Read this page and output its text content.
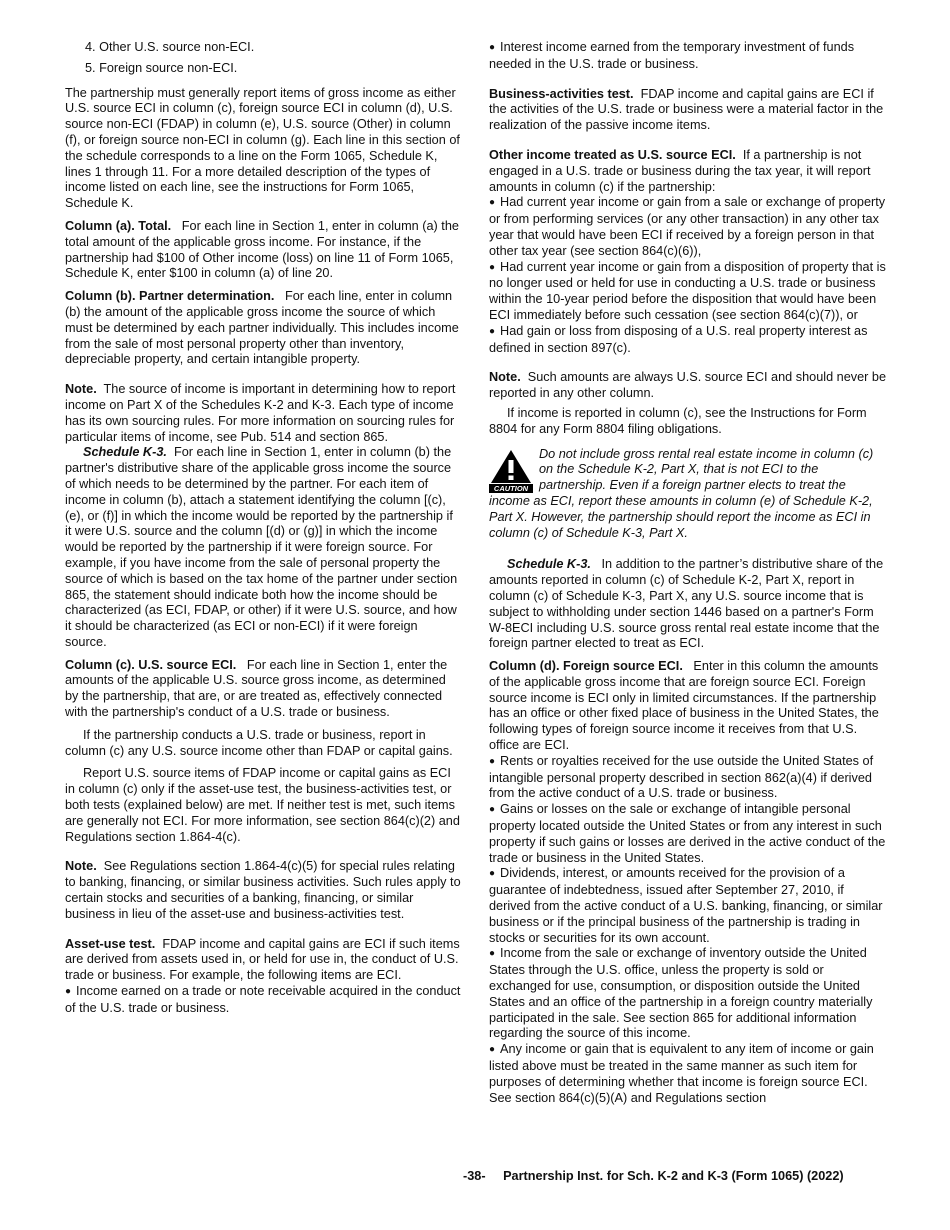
4. Other U.S. source non-ECI.

5. Foreign source non-ECI.

The partnership must generally report items of gross income as either U.S. source ECI in column (c), foreign source ECI in column (d), U.S. source non-ECI (FDAP) in column (e), U.S. source (Other) in column (f), or foreign source non-ECI in column (g). Each line in this section of the schedule corresponds to a line on the Form 1065, Schedule K, lines 1 through 11. For a more detailed description of the types of income listed on each line, see the instructions for Form 1065, Schedule K.

Column (a). Total. For each line in Section 1, enter in column (a) the total amount of the applicable gross income. For instance, if the partnership had $100 of Other income (loss) on line 11 of Form 1065, Schedule K, enter $100 in column (a) of line 20.

Column (b). Partner determination. For each line, enter in column (b) the amount of the applicable gross income the source of which must be determined by each partner individually. This includes income from the sale of most personal property other than inventory, depreciable property, and certain intangible property.

Note. The source of income is important in determining how to report income on Part X of the Schedules K-2 and K-3. Each type of income has its own sourcing rules. For more information on sourcing rules for particular items of income, see Pub. 514 and section 865.

Schedule K-3. For each line in Section 1, enter in column (b) the partner's distributive share of the applicable gross income the source of which needs to be determined by the partner. For each item of income in column (b), attach a statement identifying the column [(c), (e), or (f)] in which the income would be reported by the partnership if it were U.S. source and the column [(d) or (g)] in which the income would be reported by the partnership if it were foreign source. For example, if you have income from the sale of personal property the source of which is based on the tax home of the partner under section 865, the statement should indicate both how the income should be characterized (as ECI, FDAP, or other) if it were U.S. source, and how it should be characterized (as ECI or non-ECI) if it were foreign source.

Column (c). U.S. source ECI. For each line in Section 1, enter the amounts of the applicable U.S. source gross income, as determined by the partnership, that are, or are treated as, effectively connected with the partnership's conduct of a U.S. trade or business.

If the partnership conducts a U.S. trade or business, report in column (c) any U.S. source income other than FDAP or capital gains.

Report U.S. source items of FDAP income or capital gains as ECI in column (c) only if the asset-use test, the business-activities test, or both tests (explained below) are met. If neither test is met, such items are generally not ECI. For more information, see section 864(c)(2) and Regulations section 1.864-4(c).

Note. See Regulations section 1.864-4(c)(5) for special rules relating to banking, financing, or similar business activities. Such rules apply to certain stocks and securities of a banking, financing, or similar business in lieu of the asset-use and business-activities test.

Asset-use test. FDAP income and capital gains are ECI if such items are derived from assets used in, or held for use in, the conduct of U.S. trade or business. For example, the following items are ECI.

● Income earned on a trade or note receivable acquired in the conduct of the U.S. trade or business.

● Interest income earned from the temporary investment of funds needed in the U.S. trade or business.

Business-activities test. FDAP income and capital gains are ECI if the activities of the U.S. trade or business were a material factor in the realization of the passive income items.

Other income treated as U.S. source ECI. If a partnership is not engaged in a U.S. trade or business during the tax year, it will report amounts in column (c) if the partnership:
● Had current year income or gain from a sale or exchange of property or from performing services (or any other transaction) in any other tax year that would have been ECI if received by a foreign person in that other tax year (see section 864(c)(6)),
● Had current year income or gain from a disposition of property that is no longer used or held for use in conducting a U.S. trade or business within the 10-year period before the disposition that would have been ECI immediately before such cessation (see section 864(c)(7)), or
● Had gain or loss from disposing of a U.S. real property interest as defined in section 897(c).

Note. Such amounts are always U.S. source ECI and should never be reported in any other column.

If income is reported in column (c), see the Instructions for Form 8804 for any Form 8804 filing obligations.

CAUTION
Do not include gross rental real estate income in column (c) on the Schedule K-2, Part X, that is not ECI to the partnership. Even if a foreign partner elects to treat the income as ECI, report these amounts in column (e) of Schedule K-2, Part X. However, the partnership should report the income as ECI in column (c) of Schedule K-3, Part X.

Schedule K-3. In addition to the partner’s distributive share of the amounts reported in column (c) of Schedule K-2, Part X, report in column (c) of Schedule K-3, Part X, any U.S. source income that is subject to withholding under section 1446 based on a partner's Form W-8ECI including U.S. source gross rental real estate income that the foreign partner elected to treat as ECI.

Column (d). Foreign source ECI. Enter in this column the amounts of the applicable gross income that are foreign source ECI. Foreign source income is ECI only in limited circumstances. If the partnership has an office or other fixed place of business in the United States, the following types of foreign source income it receives from that U.S. office are ECI.
● Rents or royalties received for the use outside the United States of intangible personal property described in section 862(a)(4) if derived from the active conduct of a U.S. trade or business.
● Gains or losses on the sale or exchange of intangible personal property located outside the United States or from any interest in such property if such gains or losses are derived in the active conduct of the trade or business in the United States.
● Dividends, interest, or amounts received for the provision of a guarantee of indebtedness, issued after September 27, 2010, if derived from the active conduct of a U.S. banking, financing, or similar business or if the principal business of the partnership is trading in stocks or securities for its own account.
● Income from the sale or exchange of inventory outside the United States through the U.S. office, unless the property is sold or exchanged for use, consumption, or disposition outside the United States and an office of the partnership in a foreign country materially participated in the sale. See section 865 for additional information regarding the source of this income.
● Any income or gain that is equivalent to any item of income or gain listed above must be treated in the same manner as such item for purposes of determining whether that income is foreign source ECI. See section 864(c)(5)(A) and Regulations section

-38- Partnership Inst. for Sch. K-2 and K-3 (Form 1065) (2022)
